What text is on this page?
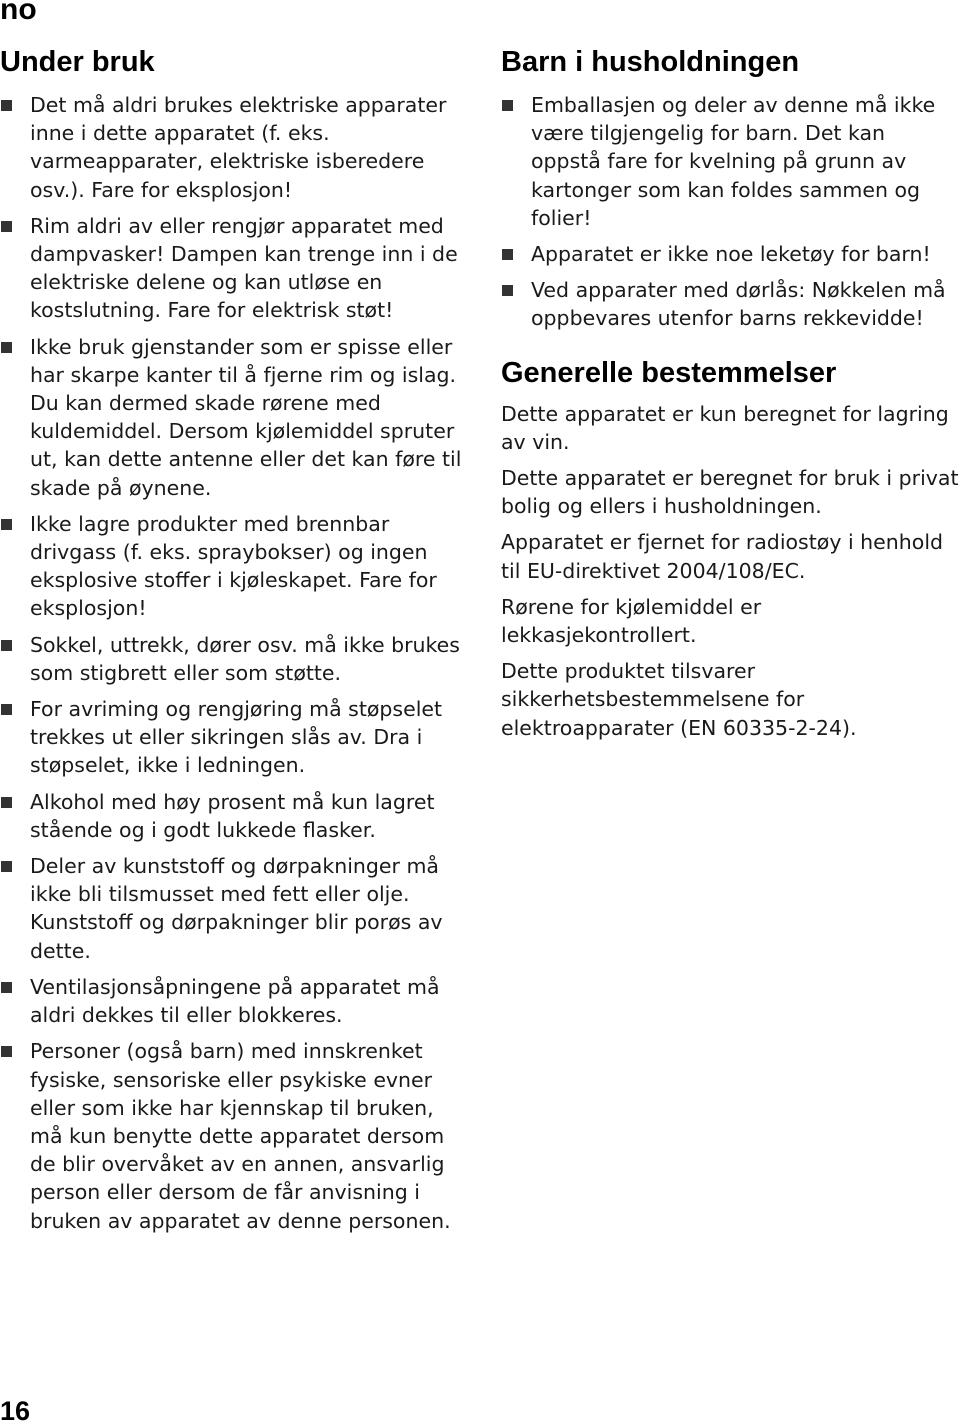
no
Under bruk
Det må aldri brukes elektriske apparater inne i dette apparatet (f. eks. varmeapparater, elektriske isberedere osv.). Fare for eksplosjon!
Rim aldri av eller rengjør apparatet med dampvasker! Dampen kan trenge inn i de elektriske delene og kan utløse en kostslutning. Fare for elektrisk støt!
Ikke bruk gjenstander som er spisse eller har skarpe kanter til å fjerne rim og islag. Du kan dermed skade rørene med kuldemiddel. Dersom kjølemiddel spruter ut, kan dette antenne eller det kan føre til skade på øynene.
Ikke lagre produkter med brennbar drivgass (f. eks. spraybokser) og ingen eksplosive stoffer i kjøleskapet. Fare for eksplosjon!
Sokkel, uttrekk, dører osv. må ikke brukes som stigbrett eller som støtte.
For avriming og rengjøring må støpselet trekkes ut eller sikringen slås av. Dra i støpselet, ikke i ledningen.
Alkohol med høy prosent må kun lagret stående og i godt lukkede flasker.
Deler av kunststoff og dørpakninger må ikke bli tilsmusset med fett eller olje. Kunststoff og dørpakninger blir porøs av dette.
Ventilasjonsåpningene på apparatet må aldri dekkes til eller blokkeres.
Personer (også barn) med innskrenket fysiske, sensoriske eller psykiske evner eller som ikke har kjennskap til bruken, må kun benytte dette apparatet dersom de blir overvåket av en annen, ansvarlig person eller dersom de får anvisning i bruken av apparatet av denne personen.
Barn i husholdningen
Emballasjen og deler av denne må ikke være tilgjengelig for barn. Det kan oppstå fare for kvelning på grunn av kartonger som kan foldes sammen og folier!
Apparatet er ikke noe leketøy for barn!
Ved apparater med dørlås: Nøkkelen må oppbevares utenfor barns rekkevidde!
Generelle bestemmelser

Dette apparatet er kun beregnet for lagring av vin.

Dette apparatet er beregnet for bruk i privat bolig og ellers i husholdningen.

Apparatet er fjernet for radiostøy i henhold til EU-direktivet 2004/108/EC.

Rørene for kjølemiddel er lekkasjekontrollert.

Dette produktet tilsvarer sikkerhetsbestemmelsene for elektroapparater (EN 60335-2-24).

16
